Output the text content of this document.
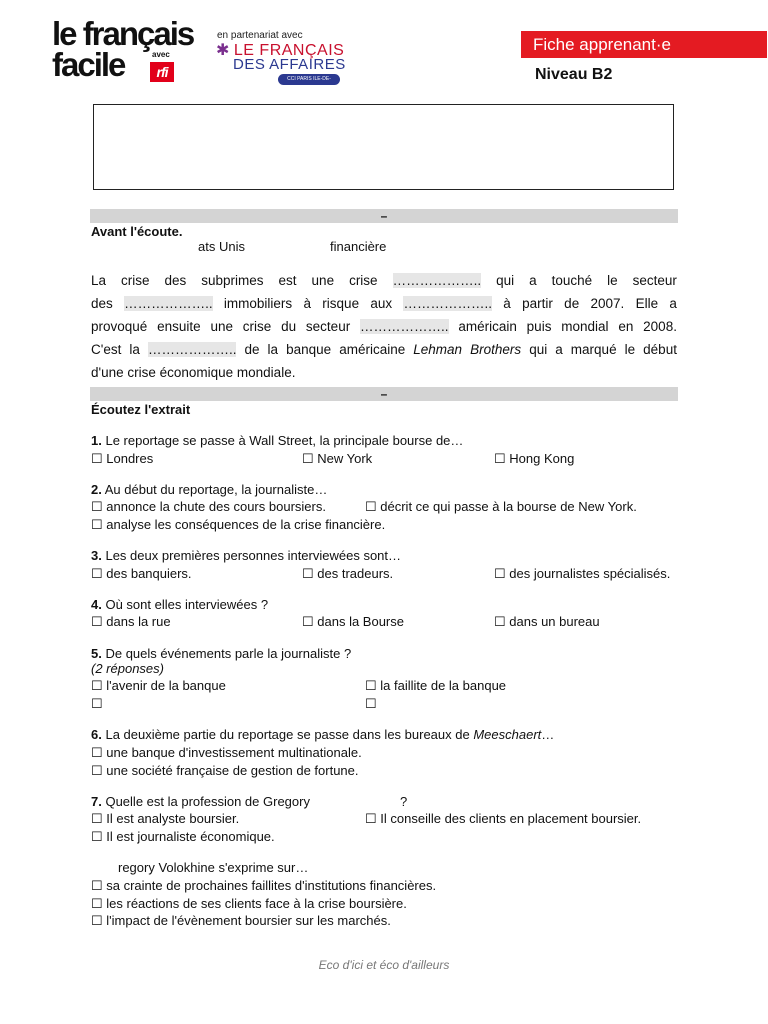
le français
facile	avec
rfi
en partenariat avec
✱ LE FRANÇAIS
DES AFFAIRES
CCI PARIS ILE-DE-FRANCE ÉDUCATION
Fiche apprenant·e
Niveau B2
–
Avant l'écoute.
ats Unis	financière
La crise des subprimes est une crise ……………….. qui a touché le secteur
des ……………….. immobiliers à risque aux ……………….. à partir de 2007. Elle a
provoqué ensuite une crise du secteur ……………….. américain puis mondial en 2008.
C'est la ……………….. de la banque américaine Lehman Brothers qui a marqué le début
d'une crise économique mondiale.
–
Écoutez l'extrait
1. Le reportage se passe à Wall Street, la principale bourse de…
☐ Londres	☐ New York	☐ Hong Kong
2. Au début du reportage, la journaliste…
☐ annonce la chute des cours boursiers.	☐ décrit ce qui passe à la bourse de New York.
☐ analyse les conséquences de la crise financière.
3. Les deux premières personnes interviewées sont…
☐ des banquiers.	☐ des tradeurs.	☐ des journalistes spécialisés.
4. Où sont elles interviewées ?
☐ dans la rue	☐ dans la Bourse	☐ dans un bureau
5. De quels événements parle la journaliste ?
(2 réponses)
☐ l'avenir de la banque	☐ la faillite de la banque
☐	☐
6. La deuxième partie du reportage se passe dans les bureaux de Meeschaert…
☐ une banque d'investissement multinationale.
☐ une société française de gestion de fortune.
7. Quelle est la profession de Gregory	?
☐ Il est analyste boursier.	☐ Il conseille des clients en placement boursier.
☐ Il est journaliste économique.
regory Volokhine s'exprime sur…
☐ sa crainte de prochaines faillites d'institutions financières.
☐ les réactions de ses clients face à la crise boursière.
☐ l'impact de l'évènement boursier sur les marchés.
Eco d'ici et éco d'ailleurs
